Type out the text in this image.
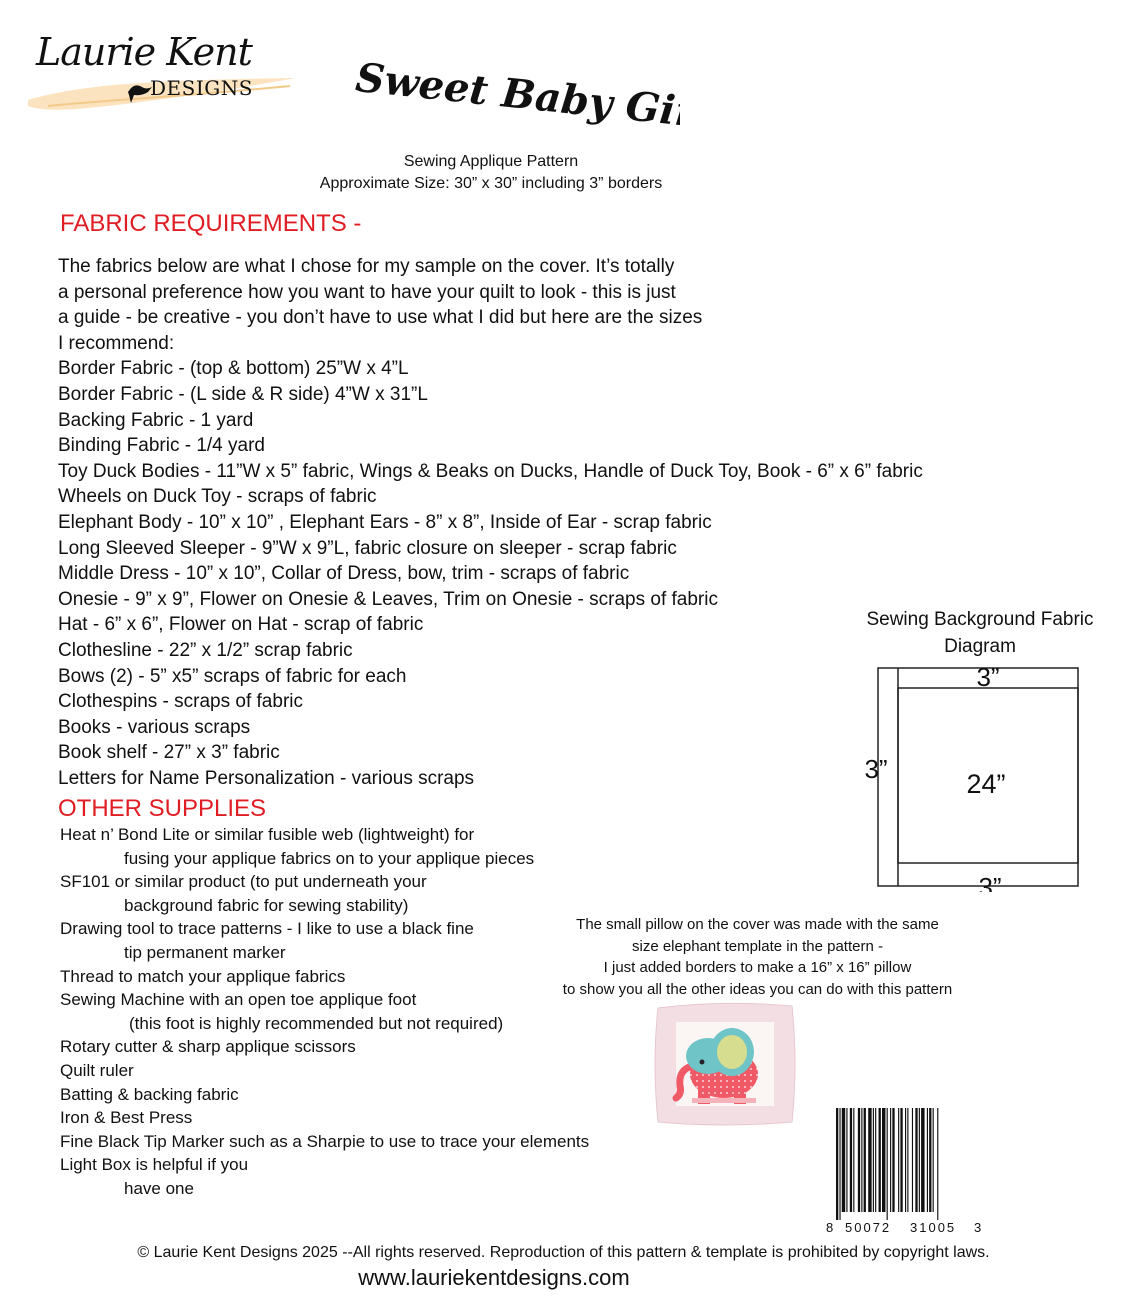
Laurie Kent
DESIGNS	Sweet Baby Girl
Sewing Applique Pattern
Approximate Size: 30” x 30” including 3” borders
FABRIC REQUIREMENTS -
The fabrics below are what I chose for my sample on the cover. It’s totally
a personal preference how you want to have your quilt to look - this is just
a guide - be creative - you don’t have to use what I did but here are the sizes
I recommend:
Border Fabric - (top & bottom) 25”W x 4”L
Border Fabric - (L side & R side) 4”W x 31”L
Backing Fabric - 1 yard
Binding Fabric - 1/4 yard
Toy Duck Bodies - 11”W x 5” fabric, Wings & Beaks on Ducks, Handle of Duck Toy, Book - 6” x 6” fabric
Wheels on Duck Toy - scraps of fabric
Elephant Body - 10” x 10” , Elephant Ears - 8” x 8”, Inside of Ear - scrap fabric
Long Sleeved Sleeper - 9”W x 9”L, fabric closure on sleeper - scrap fabric
Middle Dress - 10” x 10”, Collar of Dress, bow, trim - scraps of fabric
Onesie - 9” x 9”, Flower on Onesie & Leaves, Trim on Onesie - scraps of fabric
Hat - 6” x 6”, Flower on Hat - scrap of fabric
Clothesline - 22” x 1/2” scrap fabric
Bows (2) - 5” x5” scraps of fabric for each
Clothespins - scraps of fabric
Books - various scraps
Book shelf - 27” x 3” fabric
Letters for Name Personalization - various scraps
OTHER SUPPLIES
Heat n’ Bond Lite or similar fusible web (lightweight) for
fusing your applique fabrics on to your applique pieces
SF101 or similar product (to put underneath your
background fabric for sewing stability)
Drawing tool to trace patterns - I like to use a black fine
tip permanent marker
Thread to match your applique fabrics
Sewing Machine with an open toe applique foot
(this foot is highly recommended but not required)
Rotary cutter & sharp applique scissors
Quilt ruler
Batting & backing fabric
Iron & Best Press
Fine Black Tip Marker such as a Sharpie to use to trace your elements
Light Box is helpful if you
have one
Sewing Background Fabric
Diagram
3”
3”	24”
3”
The small pillow on the cover was made with the same
size elephant template in the pattern -
I just added borders to make a 16” x 16” pillow
to show you all the other ideas you can do with this pattern
8 50072 31005 3
© Laurie Kent Designs 2025 --All rights reserved. Reproduction of this pattern & template is prohibited by copyright laws.
www.lauriekentdesigns.com
